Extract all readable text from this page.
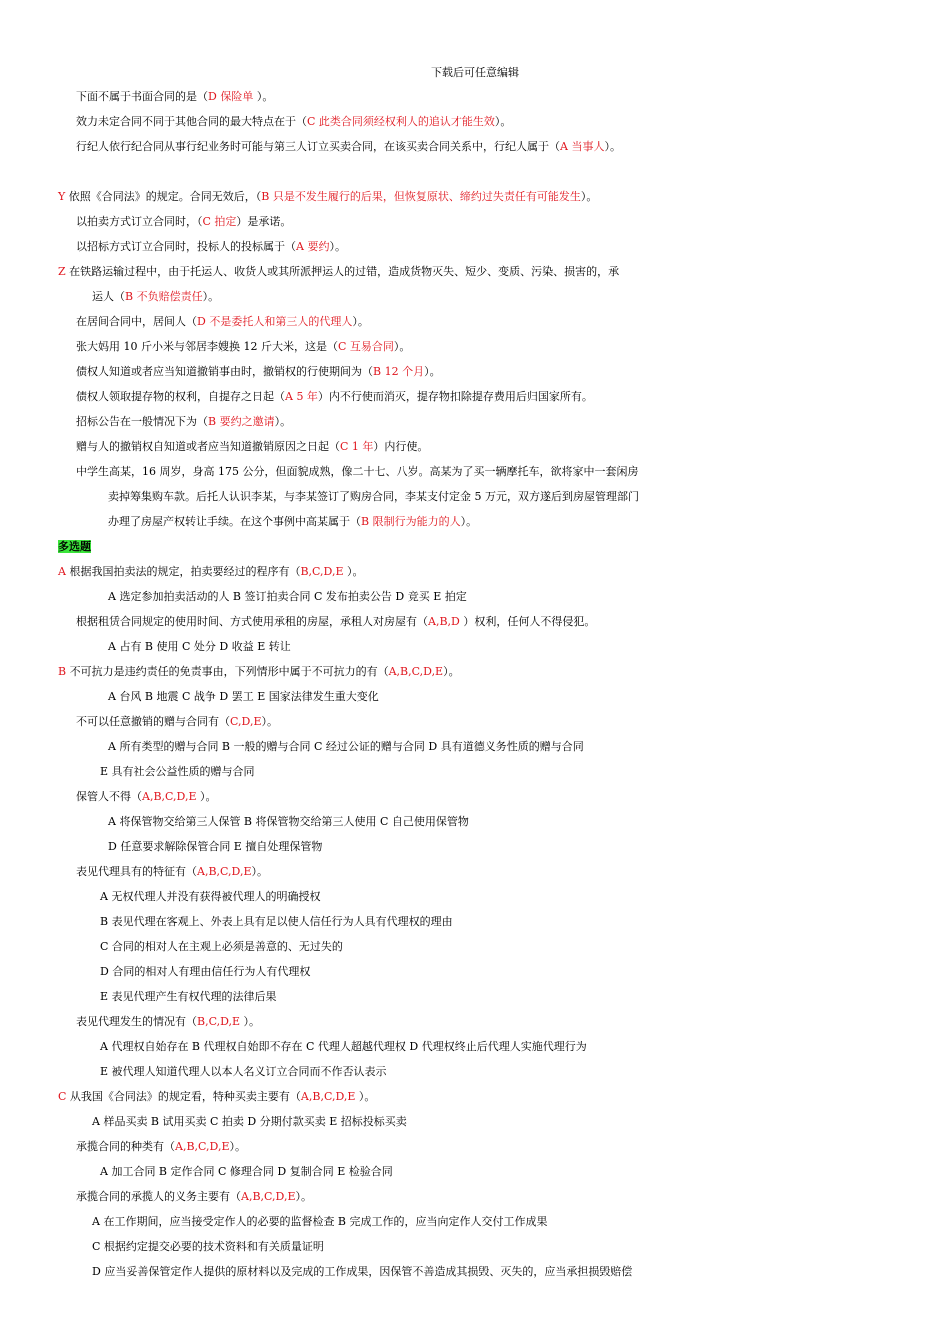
下载后可任意编辑
下面不属于书面合同的是（D 保险单 ）。
效力未定合同不同于其他合同的最大特点在于（C 此类合同须经权利人的追认才能生效）。
行纪人依行纪合同从事行纪业务时可能与第三人订立买卖合同，在该买卖合同关系中，行纪人属于（A 当事人）。
Y 依照《合同法》的规定。合同无效后，（B 只是不发生履行的后果，但恢复原状、缔约过失责任有可能发生）。
以拍卖方式订立合同时，（C 拍定）是承诺。
以招标方式订立合同时，投标人的投标属于（A 要约）。
Z 在铁路运输过程中，由于托运人、收货人或其所派押运人的过错，造成货物灭失、短少、变质、污染、损害的，承
运人（B 不负赔偿责任）。
在居间合同中，居间人（D 不是委托人和第三人的代理人）。
张大妈用 10 斤小米与邻居李嫂换 12 斤大米，这是（C 互易合同）。
债权人知道或者应当知道撤销事由时，撤销权的行使期间为（B 12 个月）。
债权人领取提存物的权利，自提存之日起（A 5 年）内不行使而消灭，提存物扣除提存费用后归国家所有。
招标公告在一般情况下为（B 要约之邀请）。
赠与人的撤销权自知道或者应当知道撤销原因之日起（C 1 年）内行使。
中学生高某，16 周岁，身高 175 公分，但面貌成熟，像二十七、八岁。高某为了买一辆摩托车，欲将家中一套闲房
卖掉筹集购车款。后托人认识李某，与李某签订了购房合同，李某支付定金 5 万元，双方遂后到房屋管理部门
办理了房屋产权转让手续。在这个事例中高某属于（B 限制行为能力的人）。
多选题
A 根据我国拍卖法的规定，拍卖要经过的程序有（B,C,D,E ）。
A 选定参加拍卖活动的人 B 签订拍卖合同 C 发布拍卖公告 D 竞买 E 拍定
根据租赁合同规定的使用时间、方式使用承租的房屋，承租人对房屋有（A,B,D ）权利，任何人不得侵犯。
A 占有 B 使用 C 处分 D 收益 E 转让
B 不可抗力是违约责任的免责事由，下列情形中属于不可抗力的有（A,B,C,D,E）。
A 台风 B 地震 C 战争 D 罢工 E 国家法律发生重大变化
不可以任意撤销的赠与合同有（C,D,E）。
A 所有类型的赠与合同 B 一般的赠与合同 C 经过公证的赠与合同 D 具有道德义务性质的赠与合同
E 具有社会公益性质的赠与合同
保管人不得（A,B,C,D,E ）。
A 将保管物交给第三人保管 B 将保管物交给第三人使用 C 自己使用保管物
D 任意要求解除保管合同 E 擅自处理保管物
表见代理具有的特征有（A,B,C,D,E）。
A 无权代理人并没有获得被代理人的明确授权
B 表见代理在客观上、外表上具有足以使人信任行为人具有代理权的理由
C 合同的相对人在主观上必须是善意的、无过失的
D 合同的相对人有理由信任行为人有代理权
E 表见代理产生有权代理的法律后果
表见代理发生的情况有（B,C,D,E ）。
A 代理权自始存在 B 代理权自始即不存在 C 代理人超越代理权 D 代理权终止后代理人实施代理行为
E 被代理人知道代理人以本人名义订立合同而不作否认表示
C 从我国《合同法》的规定看，特种买卖主要有（A,B,C,D,E ）。
A 样品买卖 B 试用买卖 C 拍卖 D 分期付款买卖 E 招标投标买卖
承揽合同的种类有（A,B,C,D,E）。
A 加工合同 B 定作合同 C 修理合同 D 复制合同 E 检验合同
承揽合同的承揽人的义务主要有（A,B,C,D,E）。
A 在工作期间，应当接受定作人的必要的监督检查 B 完成工作的，应当向定作人交付工作成果
C 根据约定提交必要的技术资料和有关质量证明
D 应当妥善保管定作人提供的原材料以及完成的工作成果，因保管不善造成其损毁、灭失的，应当承担损毁赔偿
